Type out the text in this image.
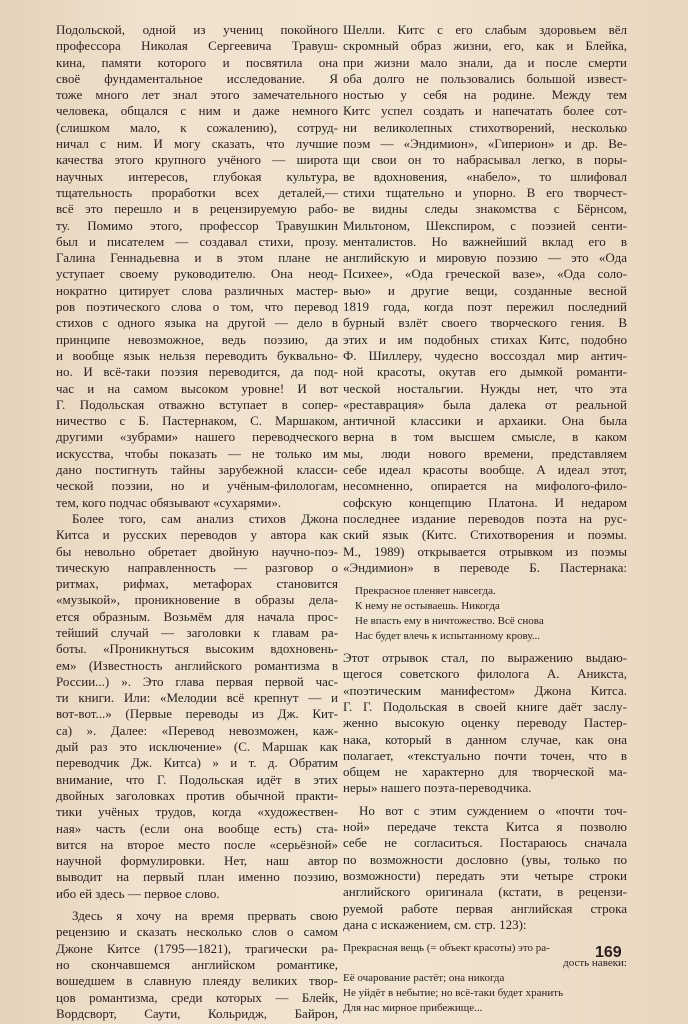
Подольской, одной из учениц покойного
профессора Николая Сергеевича Травуш-
кина, памяти которого и посвятила она
своё фундаментальное исследование. Я
тоже много лет знал этого замечательного
человека, общался с ним и даже немного
(слишком мало, к сожалению), сотруд-
ничал с ним. И могу сказать, что лучшие
качества этого крупного учёного — широта
научных интересов, глубокая культура,
тщательность проработки всех деталей,—
всё это перешло и в рецензируемую рабо-
ту. Помимо этого, профессор Травушкин
был и писателем — создавал стихи, прозу.
Галина Геннадьевна и в этом плане не
уступает своему руководителю. Она неод-
нократно цитирует слова различных мастер-
ров поэтического слова о том, что перевод
стихов с одного языка на другой — дело в
принципе невозможное, ведь поэзию, да
и вообще язык нельзя переводить буквально-
но. И всё-таки поэзия переводится, да под-
час и на самом высоком уровне! И вот
Г. Подольская отважно вступает в сопер-
ничество с Б. Пастернаком, С. Маршаком,
другими «зубрами» нашего переводческого
искусства, чтобы показать — не только им
дано постигнуть тайны зарубежной класси-
ческой поэзии, но и учёным-филологам,
тем, кого подчас обязывают «сухарями».
Более того, сам анализ стихов Джона
Китса и русских переводов у автора как
бы невольно обретает двойную научно-поэ-
тическую направленность — разговор о
ритмах, рифмах, метафорах становится
«музыкой», проникновение в образы дела-
ется образным. Возьмём для начала прос-
тейший случай — заголовки к главам ра-
боты. «Проникнуться высоким вдохновень-
ем» (Известность английского романтизма в
России...) ». Это глава первая первой час-
ти книги. Или: «Мелодии всё крепнут — и
вот-вот...» (Первые переводы из Дж. Кит-
са) ». Далее: «Перевод невозможен, каж-
дый раз это исключение» (С. Маршак как
переводчик Дж. Китса) » и т. д. Обратим
внимание, что Г. Подольская идёт в этих
двойных заголовках против обычной практи-
тики учёных трудов, когда «художествен-
ная» часть (если она вообще есть) ста-
вится на второе место после «серьёзной»
научной формулировки. Нет, наш автор
выводит на первый план именно поэзию,
ибо ей здесь — первое слово.
Здесь я хочу на время прервать свою
рецензию и сказать несколько слов о самом
Джоне Китсе (1795—1821), трагически ра-
но скончавшемся английском романтике,
вошедшем в славную плеяду великих твор-
цов романтизма, среди которых — Блейк,
Вордсворт, Саути, Кольридж, Байрон,
Шелли. Китс с его слабым здоровьем вёл
скромный образ жизни, его, как и Блейка,
при жизни мало знали, да и после смерти
оба долго не пользовались большой извест-
ностью у себя на родине. Между тем
Китс успел создать и напечатать более сот-
ни великолепных стихотворений, несколько
поэм — «Эндимион», «Гиперион» и др. Ве-
щи свои он то набрасывал легко, в поры-
ве вдохновения, «набело», то шлифовал
стихи тщательно и упорно. В его творчест-
ве видны следы знакомства с Бёрнсом,
Мильтоном, Шекспиром, с поэзией сенти-
менталистов. Но важнейший вклад его в
английскую и мировую поэзию — это «Ода
Психее», «Ода греческой вазе», «Ода соло-
вью» и другие вещи, созданные весной
1819 года, когда поэт пережил последний
бурный взлёт своего творческого гения. В
этих и им подобных стихах Китс, подобно
Ф. Шиллеру, чудесно воссоздал мир антич-
ной красоты, окутав его дымкой романти-
ческой ностальгии. Нужды нет, что эта
«реставрация» была далека от реальной
античной классики и архаики. Она была
верна в том высшем смысле, в каком
мы, люди нового времени, представляем
себе идеал красоты вообще. А идеал этот,
несомненно, опирается на мифолого-фило-
софскую концепцию Платона. И недаром
последнее издание переводов поэта на рус-
ский язык (Китс. Стихотворения и поэмы.
М., 1989) открывается отрывком из поэмы
«Эндимион» в переводе Б. Пастернака:
Прекрасное пленяет навсегда.
К нему не остываешь. Никогда
Не впасть ему в ничтожество. Всё снова
Нас будет влечь к испытанному крову...
Этот отрывок стал, по выражению выдаю-
щегося советского филолога А. Аникста,
«поэтическим манифестом» Джона Китса.
Г. Г. Подольская в своей книге даёт заслу-
женно высокую оценку переводу Пастер-
нака, который в данном случае, как она
полагает, «текстуально почти точен, что в
общем не характерно для творческой ма-
неры» нашего поэта-переводчика.
Но вот с этим суждением о «почти точ-
ной» передаче текста Китса я позволю
себе не согласиться. Постараюсь сначала
по возможности дословно (увы, только по
возможности) передать эти четыре строки
английского оригинала (кстати, в рецензи-
руемой работе первая английская строка
дана с искажением, см. стр. 123):
Прекрасная вещь (= объект красоты) это ра-
дость навеки:
Её очарование растёт; она никогда
Не уйдёт в небытие; но всё-таки будет хранить
Для нас мирное прибежище...
169
